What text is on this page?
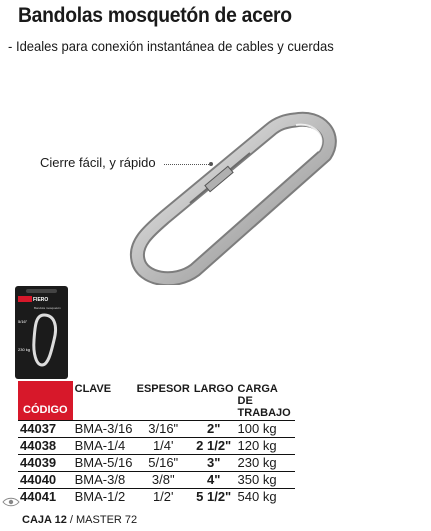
Bandolas mosquetón de acero
- Ideales para conexión instantánea de cables y cuerdas
Cierre fácil, y rápido
FIERO
Bandola mosquetón
5/16"
230 kg
CÓDIGO	CLAVE	ESPESOR	LARGO	CARGA DE TRABAJO
44037	BMA-3/16	3/16"	2"	100 kg
44038	BMA-1/4	1/4'	2 1/2"	120 kg
44039	BMA-5/16	5/16"	3"	230 kg
44040	BMA-3/8	3/8"	4"	350 kg
44041	BMA-1/2	1/2'	5 1/2"	540 kg
CAJA 12 / MASTER 72
